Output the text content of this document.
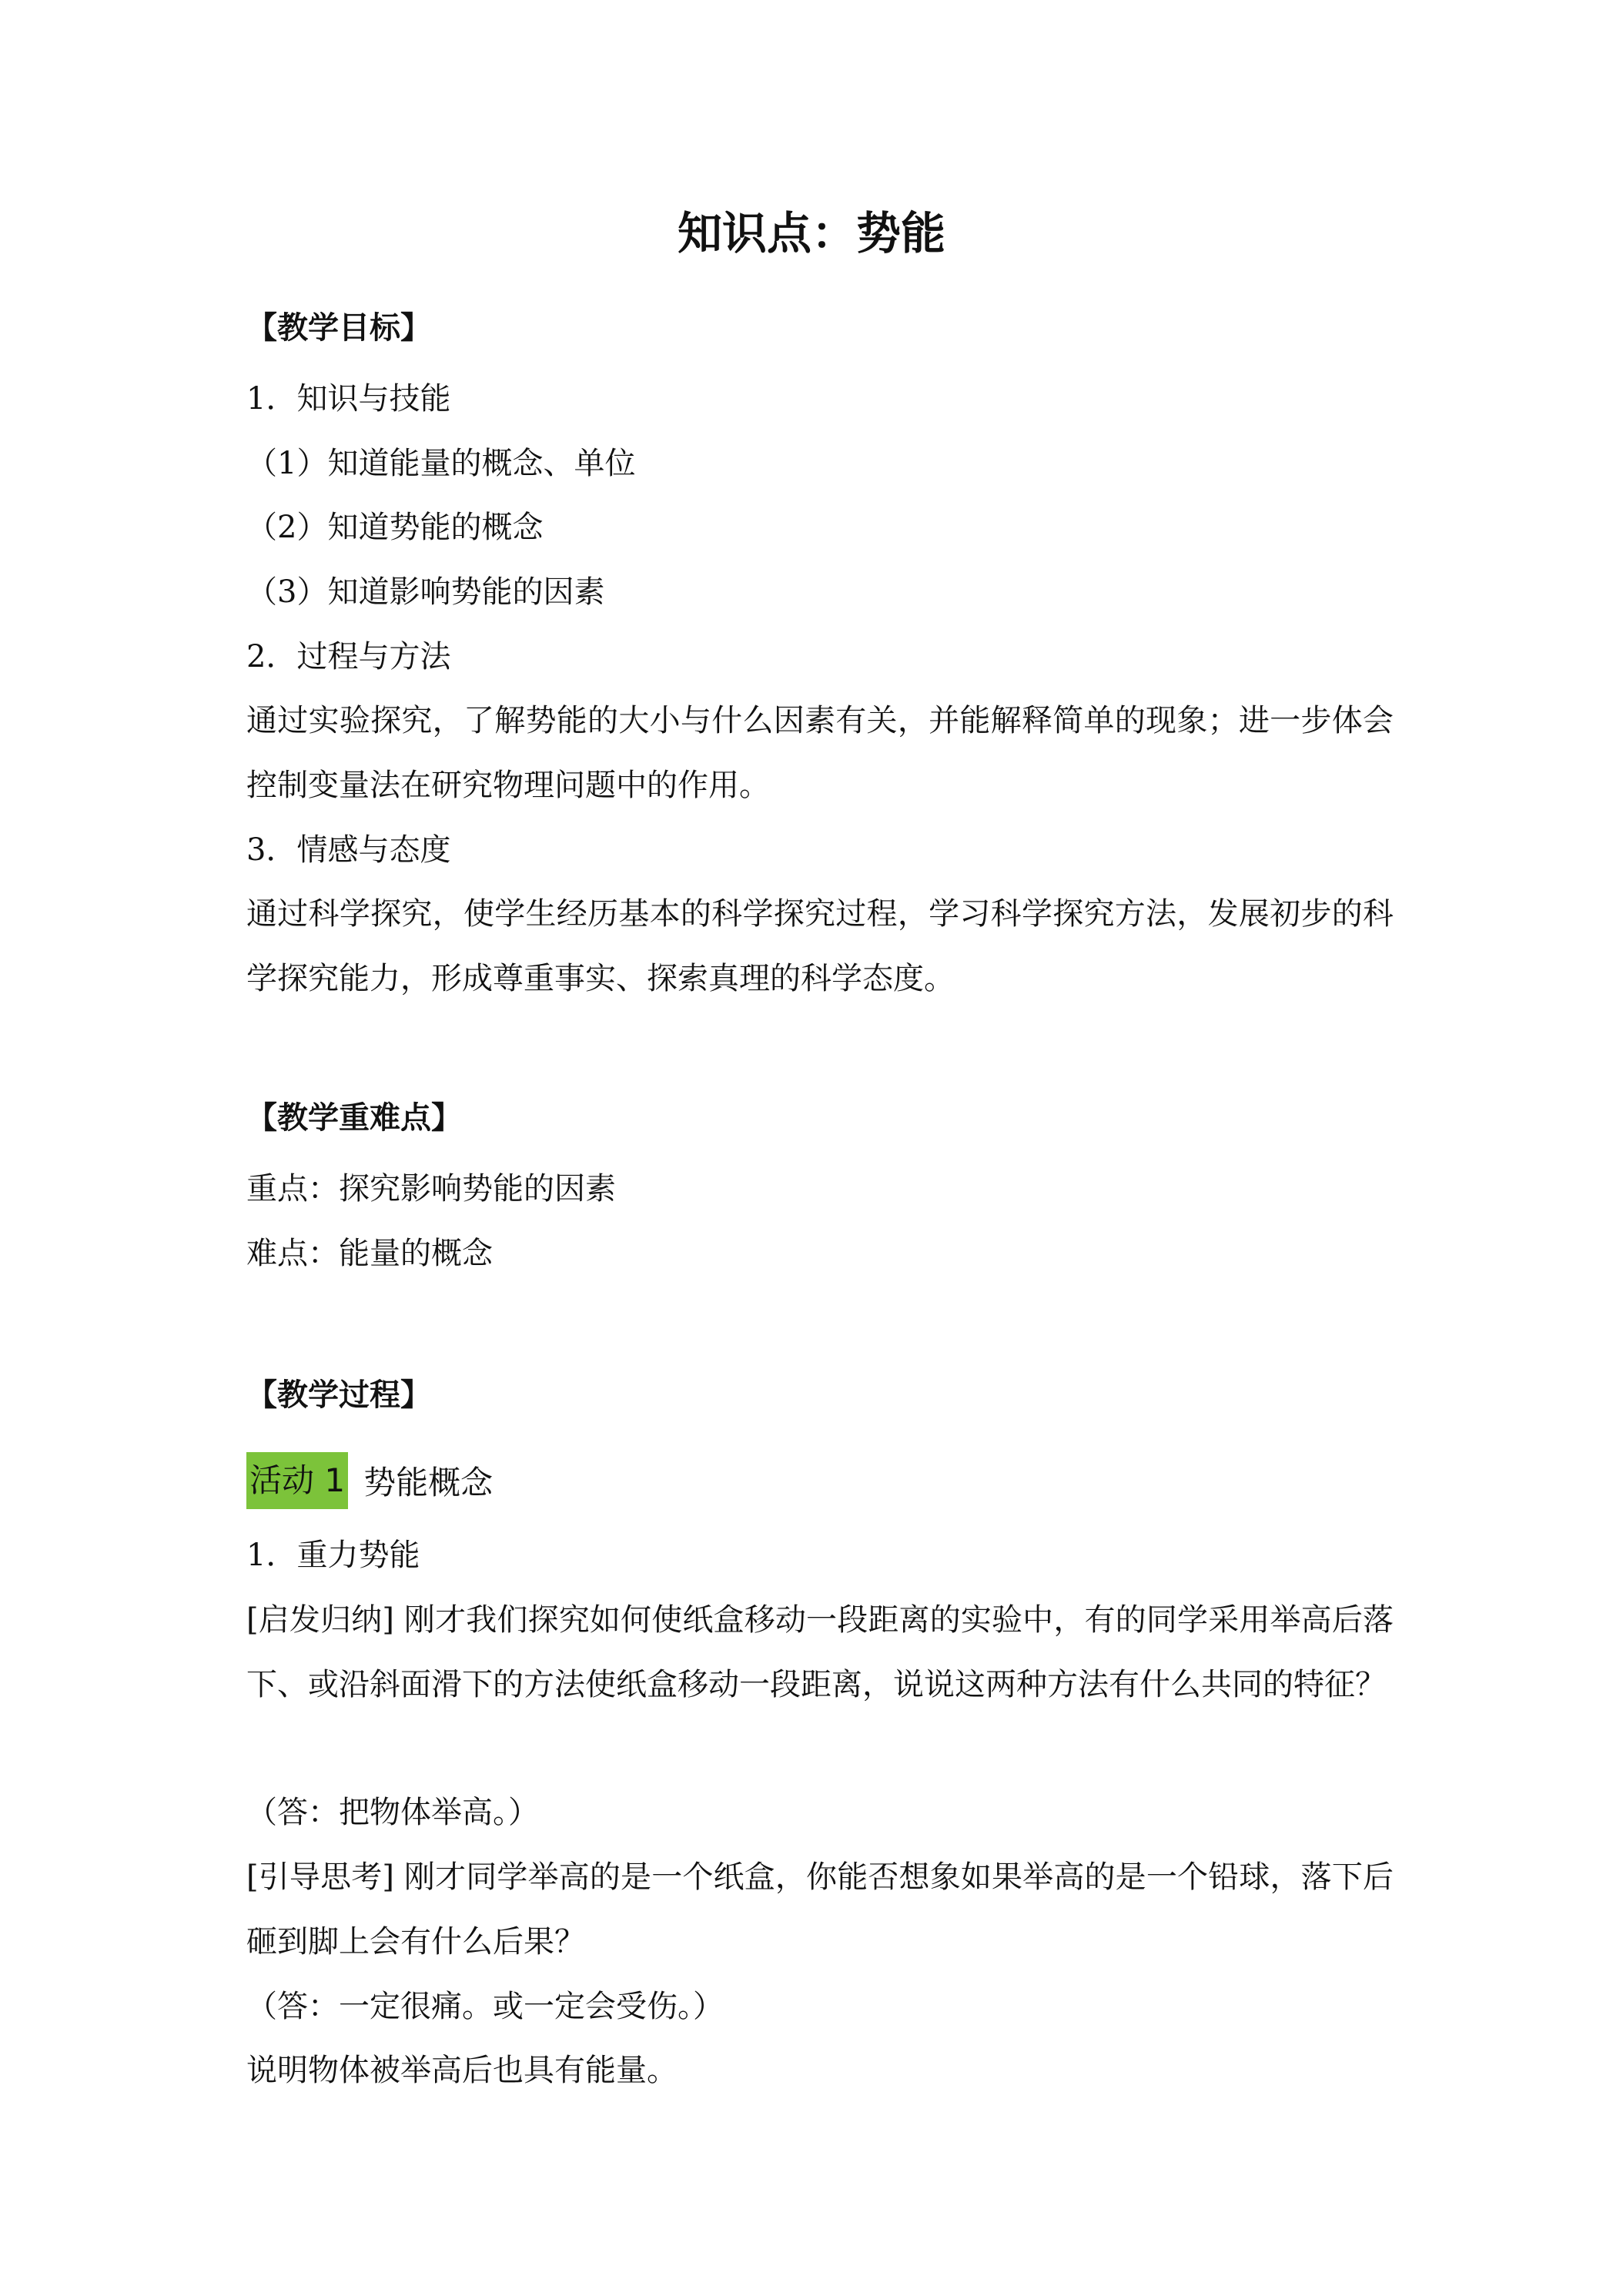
知识点：势能
【教学目标】
1．知识与技能
（1）知道能量的概念、单位
（2）知道势能的概念
（3）知道影响势能的因素
2．过程与方法
通过实验探究，了解势能的大小与什么因素有关，并能解释简单的现象；进一步体会控制变量法在研究物理问题中的作用。
3．情感与态度
通过科学探究，使学生经历基本的科学探究过程，学习科学探究方法，发展初步的科学探究能力，形成尊重事实、探索真理的科学态度。
【教学重难点】
重点：探究影响势能的因素
难点：能量的概念
【教学过程】
活动 1 势能概念
1．重力势能
[启发归纳] 刚才我们探究如何使纸盒移动一段距离的实验中，有的同学采用举高后落下、或沿斜面滑下的方法使纸盒移动一段距离，说说这两种方法有什么共同的特征？
（答：把物体举高。）
[引导思考] 刚才同学举高的是一个纸盒，你能否想象如果举高的是一个铅球，落下后砸到脚上会有什么后果？
（答：一定很痛。或一定会受伤。）
说明物体被举高后也具有能量。
